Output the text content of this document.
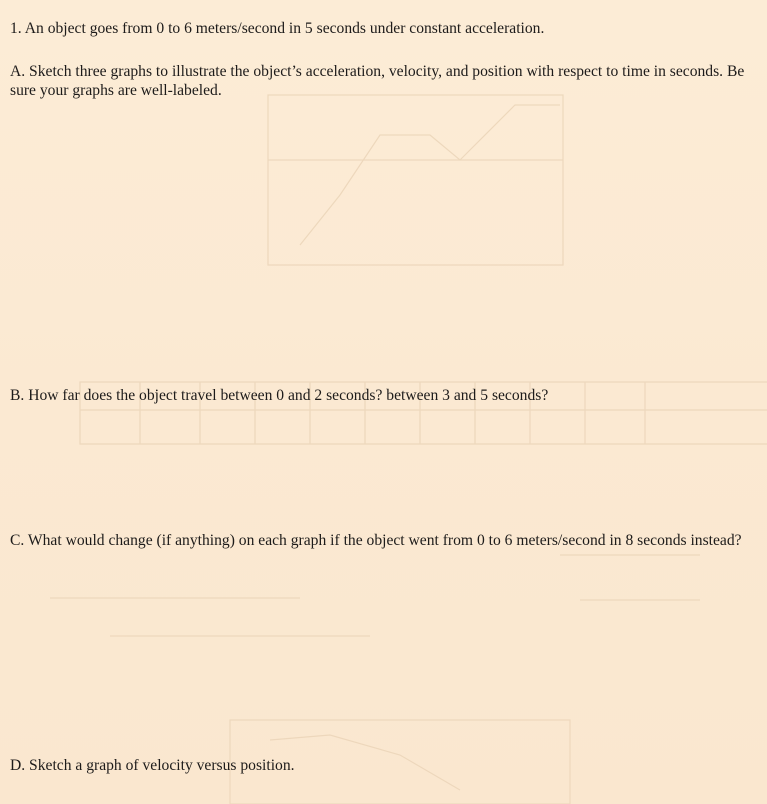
1. An object goes from 0 to 6 meters/second in 5 seconds under constant acceleration.

A. Sketch three graphs to illustrate the object’s acceleration, velocity, and position with respect to time in seconds. Be sure your graphs are well-labeled.

B. How far does the object travel between 0 and 2 seconds? between 3 and 5 seconds?

C. What would change (if anything) on each graph if the object went from 0 to 6 meters/second in 8 seconds instead?

D. Sketch a graph of velocity versus position.
